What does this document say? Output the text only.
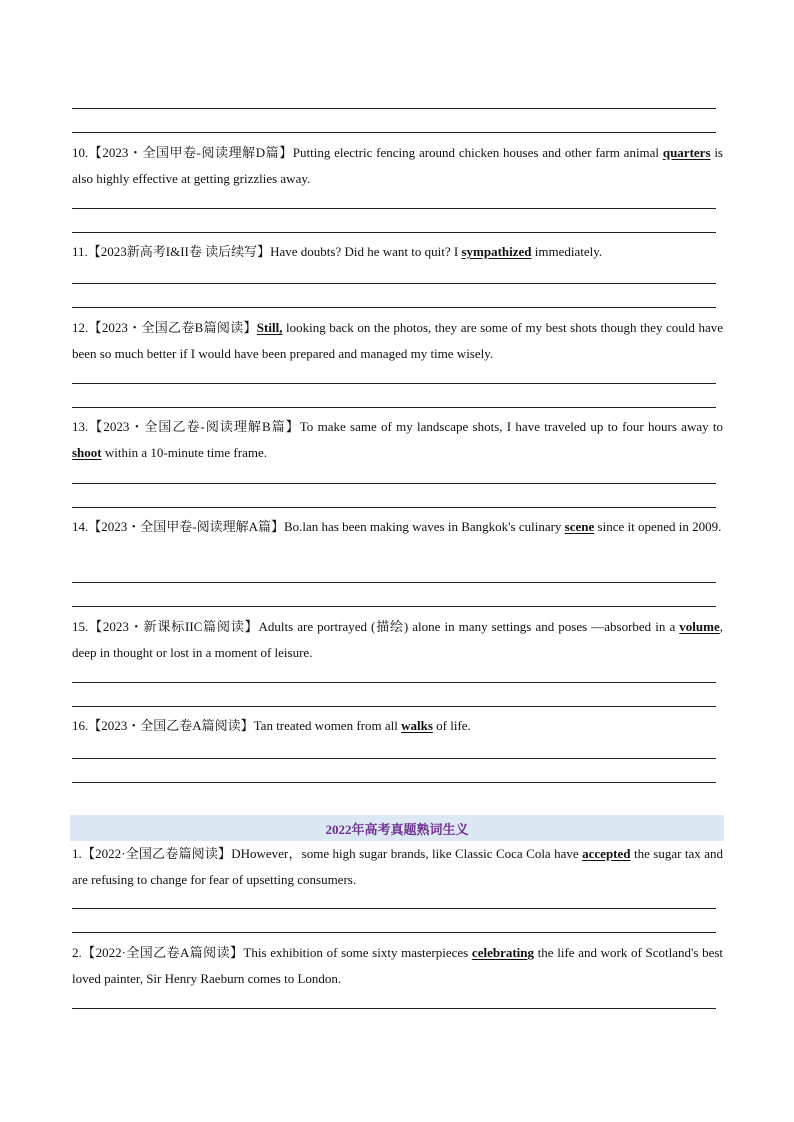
10.【2023・全国甲卷-阅读理解D篇】Putting electric fencing around chicken houses and other farm animal quarters is also highly effective at getting grizzlies away.
11.【2023新高考I&II卷 读后续写】Have doubts? Did he want to quit? I sympathized immediately.
12.【2023・全国乙卷B篇阅读】Still, looking back on the photos, they are some of my best shots though they could have been so much better if I would have been prepared and managed my time wisely.
13.【2023・全国乙卷-阅读理解B篇】To make same of my landscape shots, I have traveled up to four hours away to shoot within a 10-minute time frame.
14.【2023・全国甲卷-阅读理解A篇】Bo.lan has been making waves in Bangkok's culinary scene since it opened in 2009.
15.【2023・新课标IIC篇阅读】Adults are portrayed (描绘) alone in many settings and poses —absorbed in a volume, deep in thought or lost in a moment of leisure.
16.【2023・全国乙卷A篇阅读】Tan treated women from all walks of life.
2022年高考真题熟词生义
1.【2022·全国乙卷篇阅读】DHowever，some high sugar brands, like Classic Coca Cola have accepted the sugar tax and are refusing to change for fear of upsetting consumers.
2.【2022·全国乙卷A篇阅读】This exhibition of some sixty masterpieces celebrating the life and work of Scotland's best loved painter, Sir Henry Raeburn comes to London.
